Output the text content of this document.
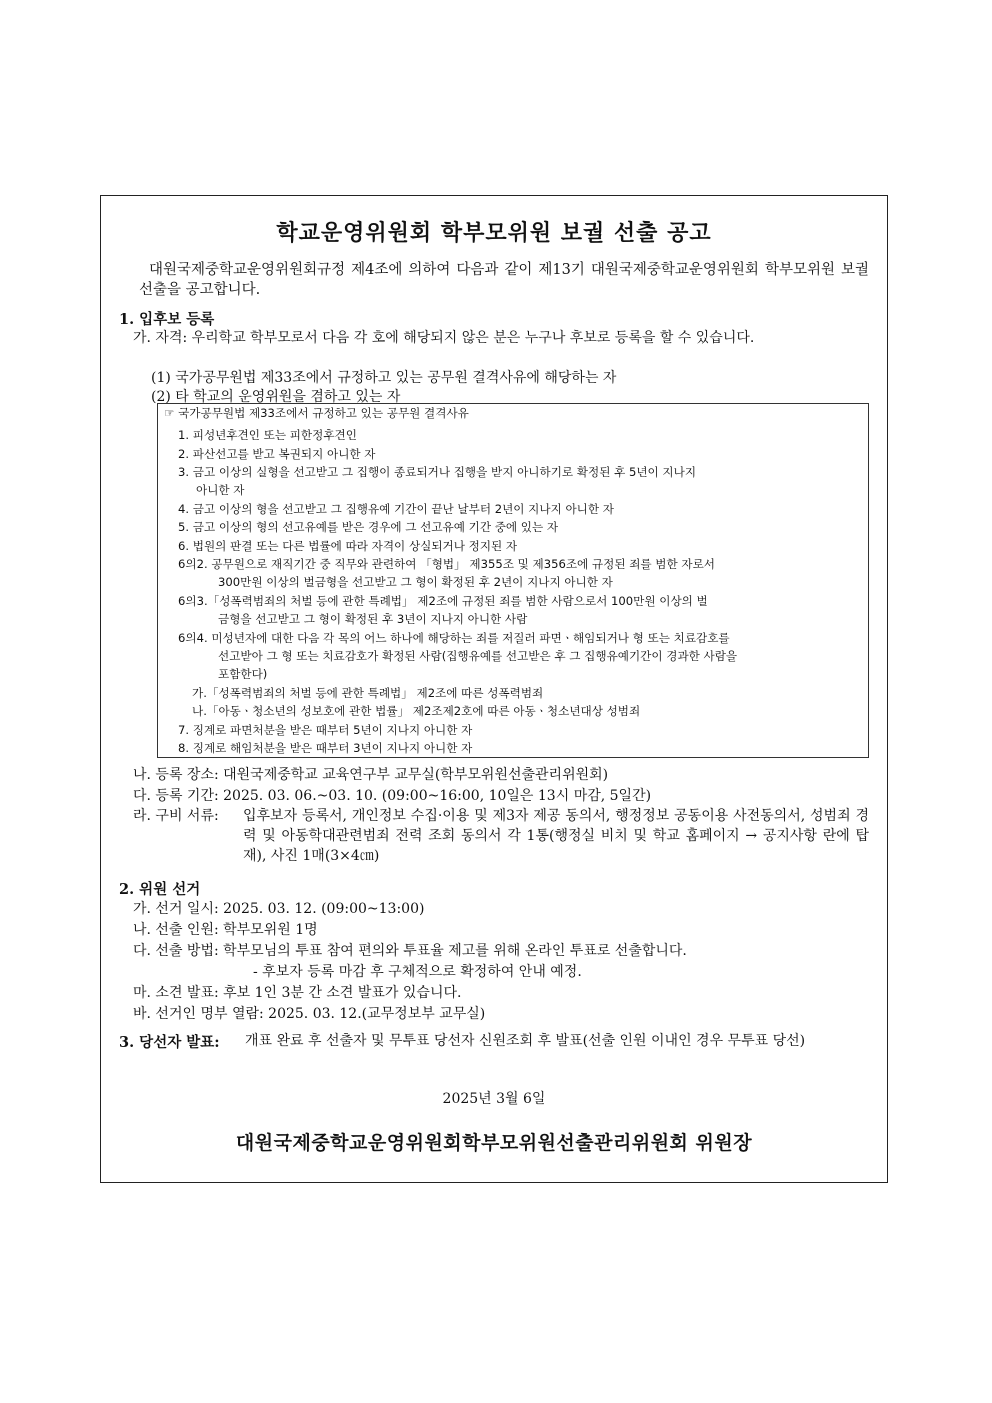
학교운영위원회 학부모위원 보궐 선출 공고
대원국제중학교운영위원회규정 제4조에 의하여 다음과 같이 제13기 대원국제중학교운영위원회 학부모위원 보궐 선출을 공고합니다.
1. 입후보 등록
가. 자격: 우리학교 학부모로서 다음 각 호에 해당되지 않은 분은 누구나 후보로 등록을 할 수 있습니다.
(1) 국가공무원법 제33조에서 규정하고 있는 공무원 결격사유에 해당하는 자
(2) 타 학교의 운영위원을 겸하고 있는 자
☞ 국가공무원법 제33조에서 규정하고 있는 공무원 결격사유
1. 피성년후견인 또는 피한정후견인
2. 파산선고를 받고 복권되지 아니한 자
3. 금고 이상의 실형을 선고받고 그 집행이 종료되거나 집행을 받지 아니하기로 확정된 후 5년이 지나지
아니한 자
4. 금고 이상의 형을 선고받고 그 집행유예 기간이 끝난 날부터 2년이 지나지 아니한 자
5. 금고 이상의 형의 선고유예를 받은 경우에 그 선고유예 기간 중에 있는 자
6. 법원의 판결 또는 다른 법률에 따라 자격이 상실되거나 정지된 자
6의2. 공무원으로 재직기간 중 직무와 관련하여 「형법」 제355조 및 제356조에 규정된 죄를 범한 자로서
300만원 이상의 벌금형을 선고받고 그 형이 확정된 후 2년이 지나지 아니한 자
6의3.「성폭력범죄의 처벌 등에 관한 특례법」 제2조에 규정된 죄를 범한 사람으로서 100만원 이상의 벌
금형을 선고받고 그 형이 확정된 후 3년이 지나지 아니한 사람
6의4. 미성년자에 대한 다음 각 목의 어느 하나에 해당하는 죄를 저질러 파면ㆍ해임되거나 형 또는 치료감호를
선고받아 그 형 또는 치료감호가 확정된 사람(집행유예를 선고받은 후 그 집행유예기간이 경과한 사람을
포함한다)
가.「성폭력범죄의 처벌 등에 관한 특례법」 제2조에 따른 성폭력범죄
나.「아동ㆍ청소년의 성보호에 관한 법률」 제2조제2호에 따른 아동ㆍ청소년대상 성범죄
7. 징계로 파면처분을 받은 때부터 5년이 지나지 아니한 자
8. 징계로 해임처분을 받은 때부터 3년이 지나지 아니한 자
나. 등록 장소: 대원국제중학교 교육연구부 교무실(학부모위원선출관리위원회)
다. 등록 기간: 2025. 03. 06.~03. 10. (09:00~16:00, 10일은 13시 마감, 5일간)
라. 구비 서류: 입후보자 등록서, 개인정보 수집·이용 및 제3자 제공 동의서, 행정정보 공동이용 사전동의서, 성범죄 경력 및 아동학대관련범죄 전력 조회 동의서 각 1통(행정실 비치 및 학교 홈페이지 → 공지사항 란에 탑재), 사진 1매(3×4㎝)
2. 위원 선거
가. 선거 일시: 2025. 03. 12. (09:00~13:00)
나. 선출 인원: 학부모위원 1명
다. 선출 방법: 학부모님의 투표 참여 편의와 투표율 제고를 위해 온라인 투표로 선출합니다.
- 후보자 등록 마감 후 구체적으로 확정하여 안내 예정.
마. 소견 발표: 후보 1인 3분 간 소견 발표가 있습니다.
바. 선거인 명부 열람: 2025. 03. 12.(교무정보부 교무실)
3. 당선자 발표: 개표 완료 후 선출자 및 무투표 당선자 신원조회 후 발표(선출 인원 이내인 경우 무투표 당선)
2025년 3월 6일
대원국제중학교운영위원회학부모위원선출관리위원회 위원장
